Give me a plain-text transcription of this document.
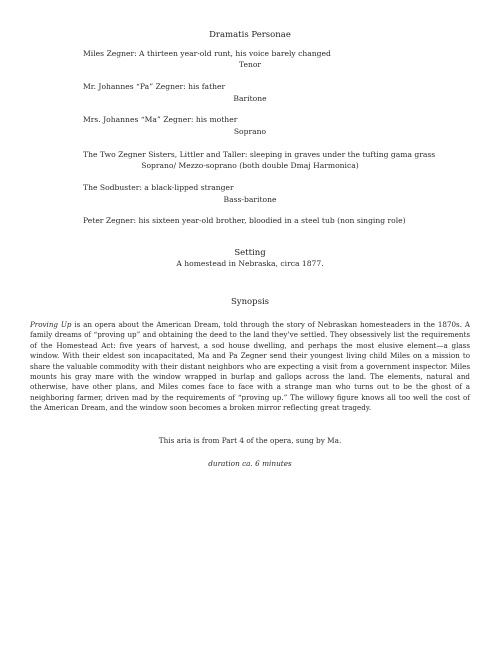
Dramatis Personae
Miles Zegner: A thirteen year-old runt, his voice barely changed
Tenor
Mr. Johannes “Pa” Zegner: his father
Baritone
Mrs. Johannes “Ma” Zegner: his mother
Soprano
The Two Zegner Sisters, Littler and Taller: sleeping in graves under the tufting gama grass
Soprano/ Mezzo-soprano (both double Dmaj Harmonica)
The Sodbuster: a black-lipped stranger
Bass-baritone
Peter Zegner: his sixteen year-old brother, bloodied in a steel tub (non singing role)
Setting
A homestead in Nebraska, circa 1877.
Synopsis

Proving Up is an opera about the American Dream, told through the story of Nebraskan homesteaders in the 1870s. A family dreams of “proving up” and obtaining the deed to the land they’ve settled. They obsessively list the requirements of the Homestead Act: five years of harvest, a sod house dwelling, and perhaps the most elusive element—a glass window. With their eldest son incapacitated, Ma and Pa Zegner send their youngest living child Miles on a mission to share the valuable commodity with their distant neighbors who are expecting a visit from a government inspector. Miles mounts his gray mare with the window wrapped in burlap and gallops across the land. The elements, natural and otherwise, have other plans, and Miles comes face to face with a strange man who turns out to be the ghost of a neighboring farmer, driven mad by the requirements of “proving up.” The willowy figure knows all too well the cost of the American Dream, and the window soon becomes a broken mirror reflecting great tragedy.

This aria is from Part 4 of the opera, sung by Ma.
duration ca. 6 minutes
